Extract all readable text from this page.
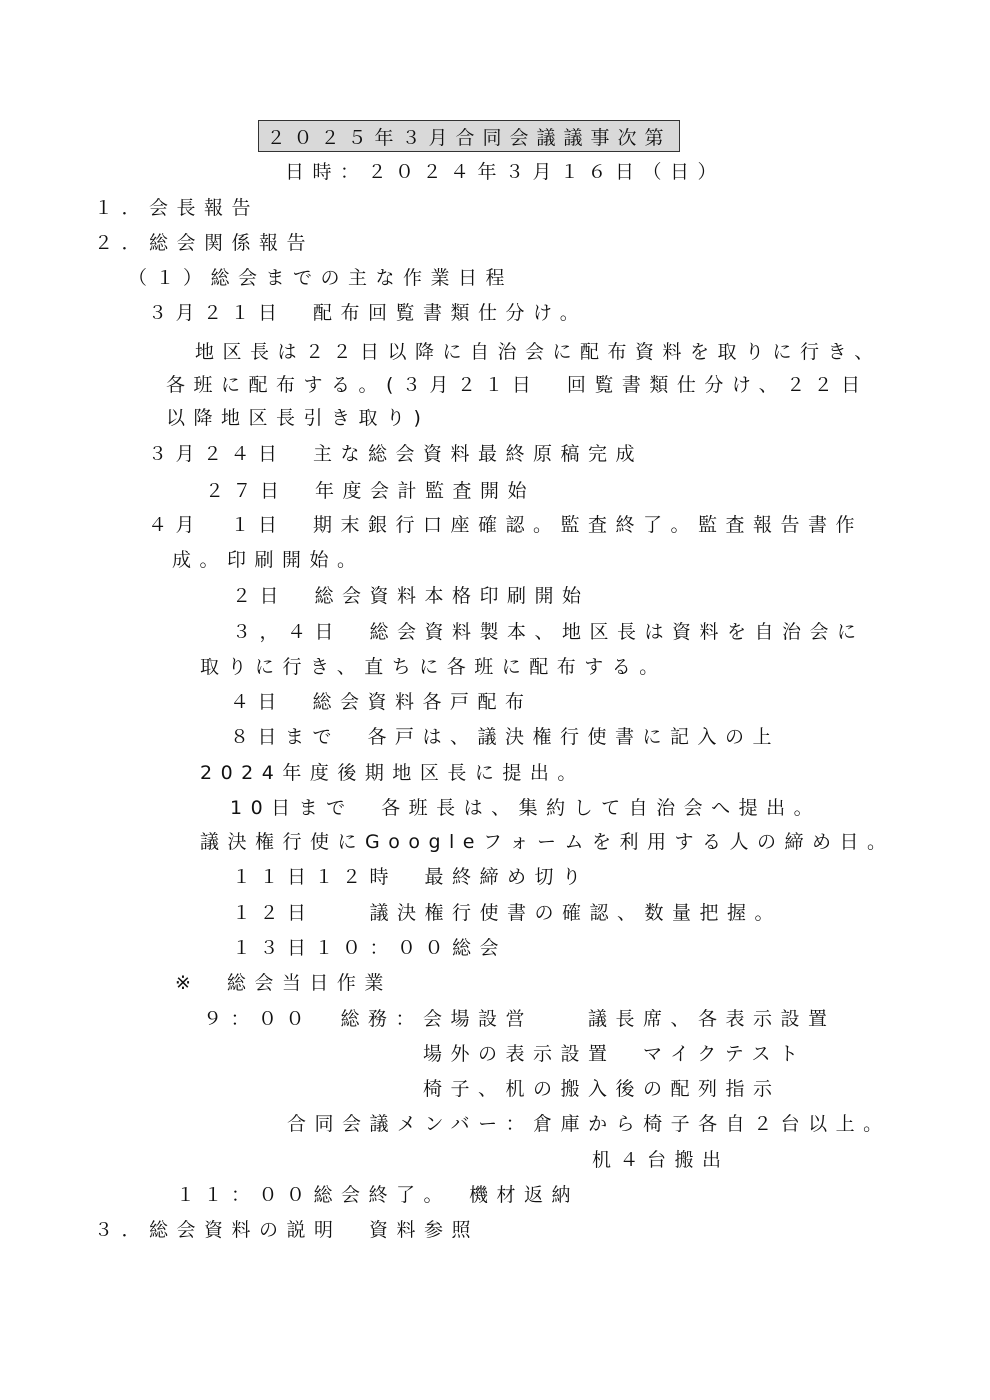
２０２５年３月合同会議議事次第
日時：２０２４年３月１６日（日）
１．会長報告
２．総会関係報告
（１）総会までの主な作業日程
３月２１日　配布回覧書類仕分け。
地区長は２２日以降に自治会に配布資料を取りに行き、
各班に配布する。(３月２１日　回覧書類仕分け、２２日
以降地区長引き取り)
３月２４日　主な総会資料最終原稿完成
２７日　年度会計監査開始
４月　１日　期末銀行口座確認。監査終了。監査報告書作
成。印刷開始。
２日　総会資料本格印刷開始
３，４日　総会資料製本、地区長は資料を自治会に
取りに行き、直ちに各班に配布する。
４日　総会資料各戸配布
８日まで　各戸は、議決権行使書に記入の上
2024年度後期地区長に提出。
10日まで　各班長は、集約して自治会へ提出。
議決権行使にGoogleフォームを利用する人の締め日。
１１日１２時　最終締め切り
１２日　　議決権行使書の確認、数量把握。
１３日１０：００総会
※　総会当日作業
９：００　総務：会場設営　　議長席、各表示設置
場外の表示設置　マイクテスト
椅子、机の搬入後の配列指示
合同会議メンバー：倉庫から椅子各自２台以上。
机４台搬出
１１：００総会終了。　機材返納
３．総会資料の説明　資料参照
